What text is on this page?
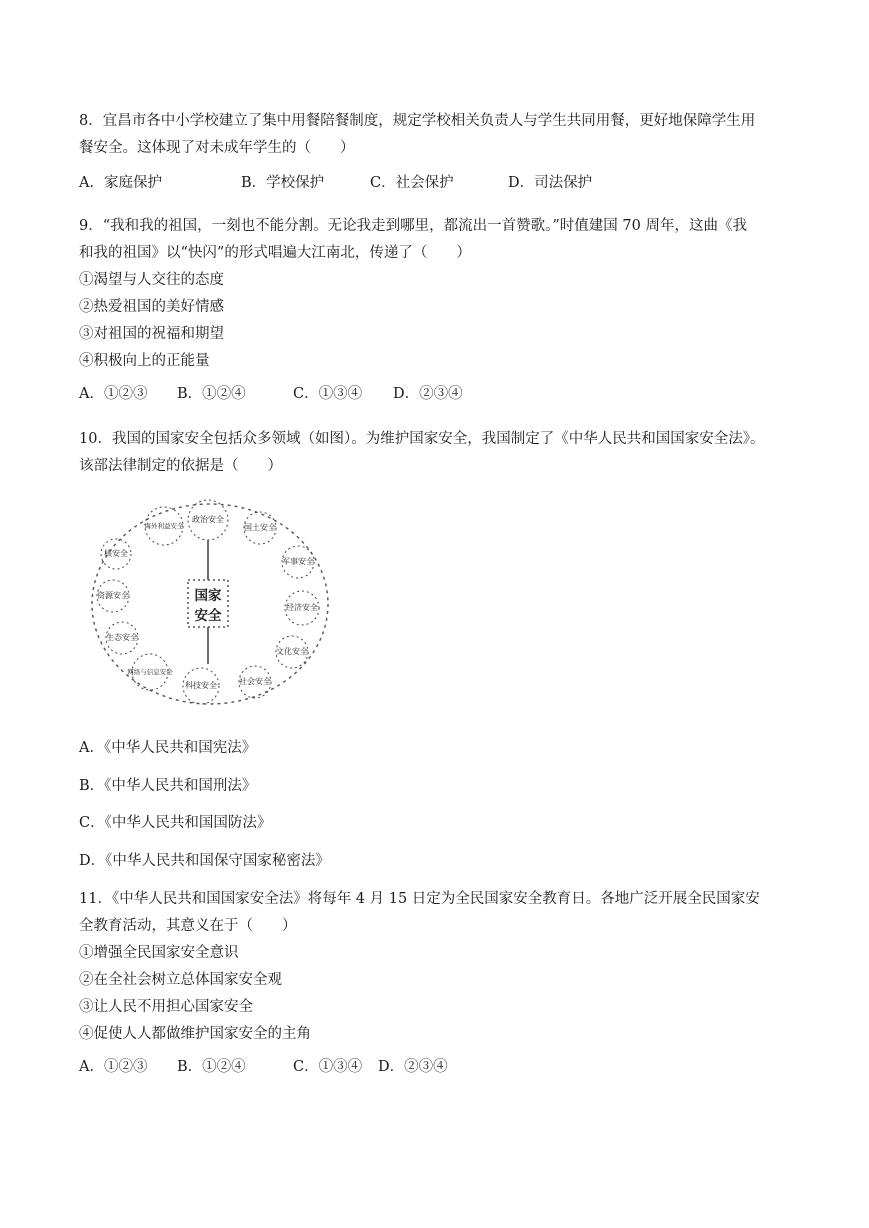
8．宜昌市各中小学校建立了集中用餐陪餐制度，规定学校相关负责人与学生共同用餐，更好地保障学生用
餐安全。这体现了对未成年学生的（　　）
A．家庭保护	B．学校保护	C．社会保护	D．司法保护
9．“我和我的祖国，一刻也不能分割。无论我走到哪里，都流出一首赞歌。”时值建国 70 周年，这曲《我
和我的祖国》以“快闪”的形式唱遍大江南北，传递了（　　）
①渴望与人交往的态度
②热爱祖国的美好情感
③对祖国的祝福和期望
④积极向上的正能量
A．①②③ B．①②④	C．①③④ D．②③④
10．我国的国家安全包括众多领域（如图）。为维护国家安全，我国制定了《中华人民共和国国家安全法》。
该部法律制定的依据是（　　）
国家
安全
政治安全
国土安全
军事安全
经济安全
文化安全
社会安全
科技安全
网络与信息安全
生态安全
资源安全
核安全
海外利益安全
A．《中华人民共和国宪法》
B．《中华人民共和国刑法》
C．《中华人民共和国国防法》
D．《中华人民共和国保守国家秘密法》
11．《中华人民共和国国家安全法》将每年 4 月 15 日定为全民国家安全教育日。各地广泛开展全民国家安
全教育活动，其意义在于（　　）
①增强全民国家安全意识
②在全社会树立总体国家安全观
③让人民不用担心国家安全
④促使人人都做维护国家安全的主角
A．①②③ B．①②④	C．①③④ D．②③④
